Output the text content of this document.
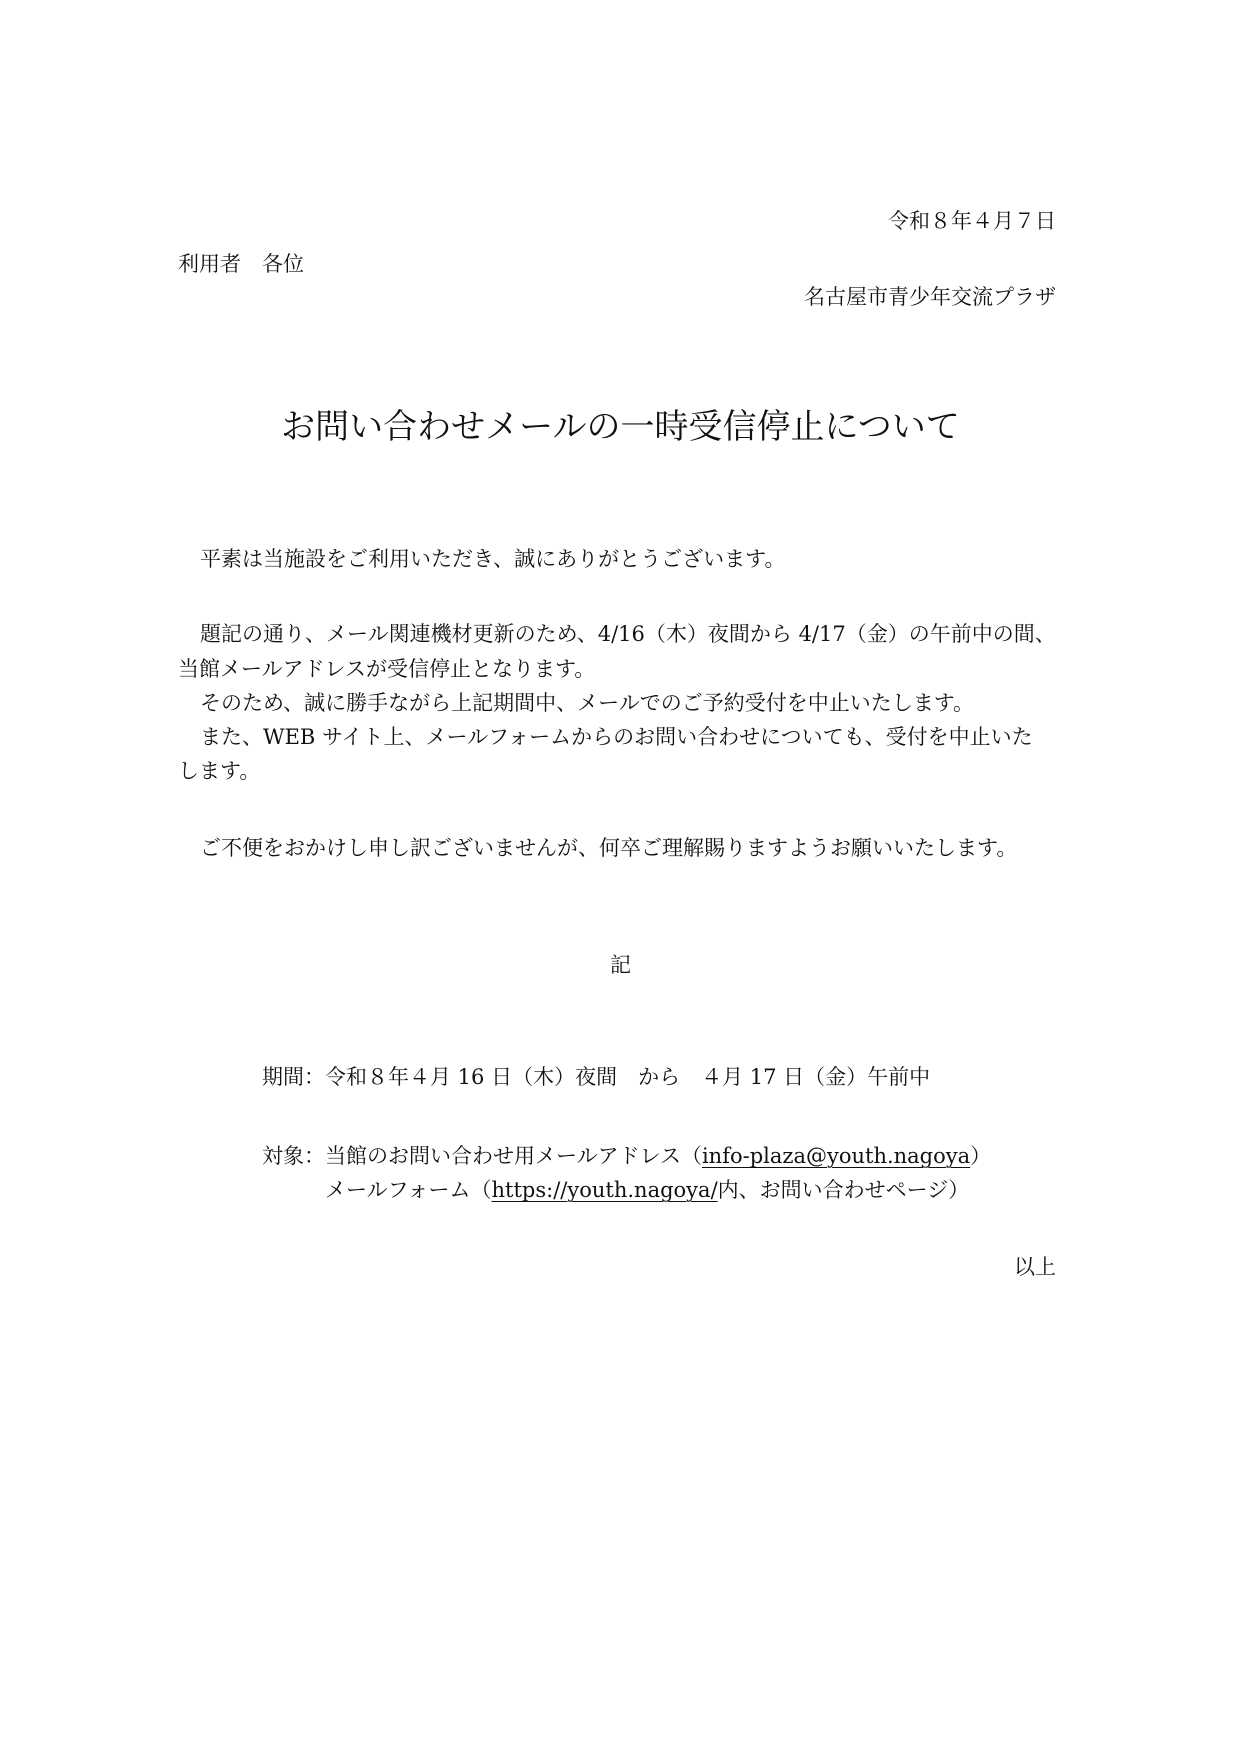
令和８年４月７日
利用者　各位
名古屋市青少年交流プラザ
お問い合わせメールの一時受信停止について
平素は当施設をご利用いただき、誠にありがとうございます。
題記の通り、メール関連機材更新のため、4/16（木）夜間から 4/17（金）の午前中の間、
当館メールアドレスが受信停止となります。
そのため、誠に勝手ながら上記期間中、メールでのご予約受付を中止いたします。
また、WEB サイト上、メールフォームからのお問い合わせについても、受付を中止いた
します。
ご不便をおかけし申し訳ございませんが、何卒ご理解賜りますようお願いいたします。
記
期間：令和８年４月 16 日（木）夜間　から　４月 17 日（金）午前中
対象：当館のお問い合わせ用メールアドレス（info-plaza@youth.nagoya）
メールフォーム（https://youth.nagoya/内、お問い合わせページ）
以上
